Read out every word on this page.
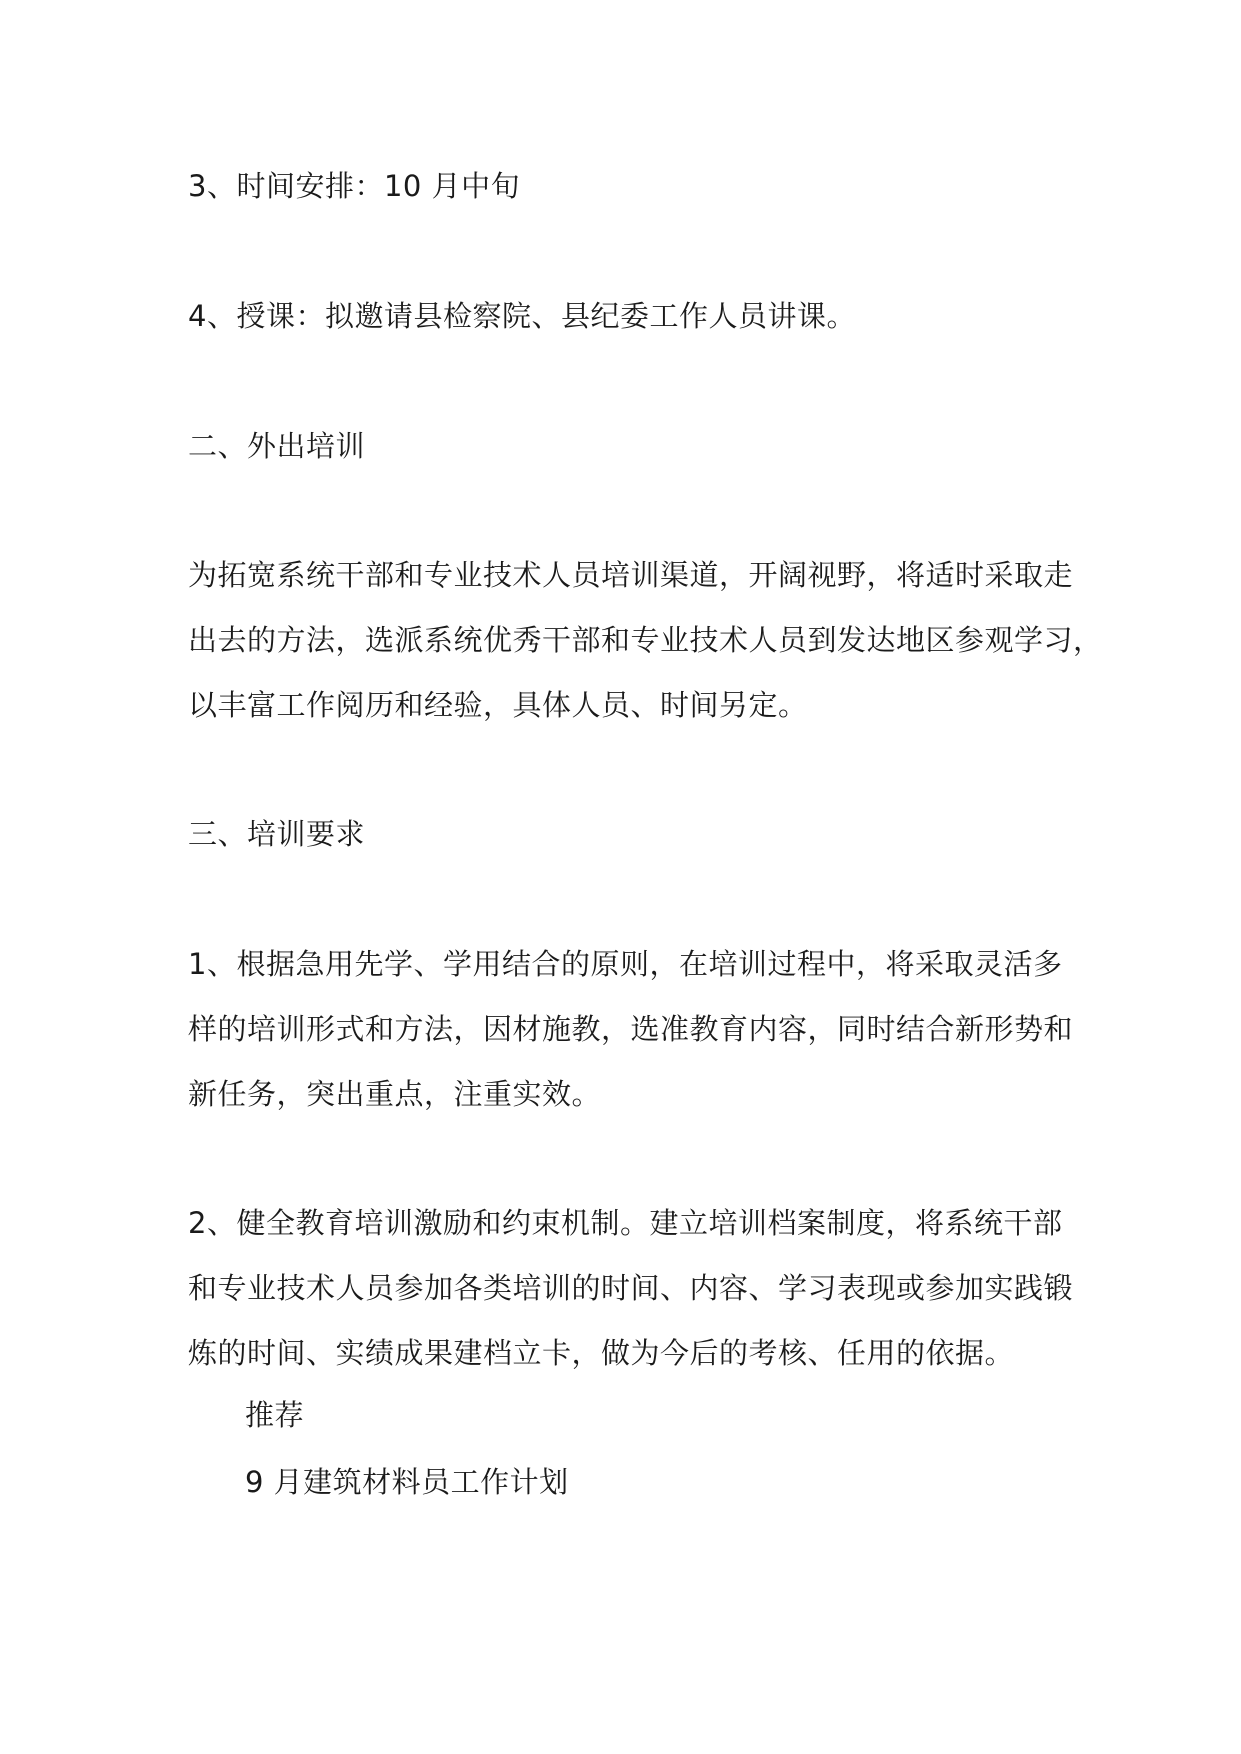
3、时间安排：10 月中旬
4、授课：拟邀请县检察院、县纪委工作人员讲课。
二、外出培训
为拓宽系统干部和专业技术人员培训渠道，开阔视野，将适时采取走
出去的方法，选派系统优秀干部和专业技术人员到发达地区参观学习，
以丰富工作阅历和经验，具体人员、时间另定。
三、培训要求
1、根据急用先学、学用结合的原则，在培训过程中，将采取灵活多
样的培训形式和方法，因材施教，选准教育内容，同时结合新形势和
新任务，突出重点，注重实效。
2、健全教育培训激励和约束机制。建立培训档案制度，将系统干部
和专业技术人员参加各类培训的时间、内容、学习表现或参加实践锻
炼的时间、实绩成果建档立卡，做为今后的考核、任用的依据。
推荐
9 月建筑材料员工作计划
